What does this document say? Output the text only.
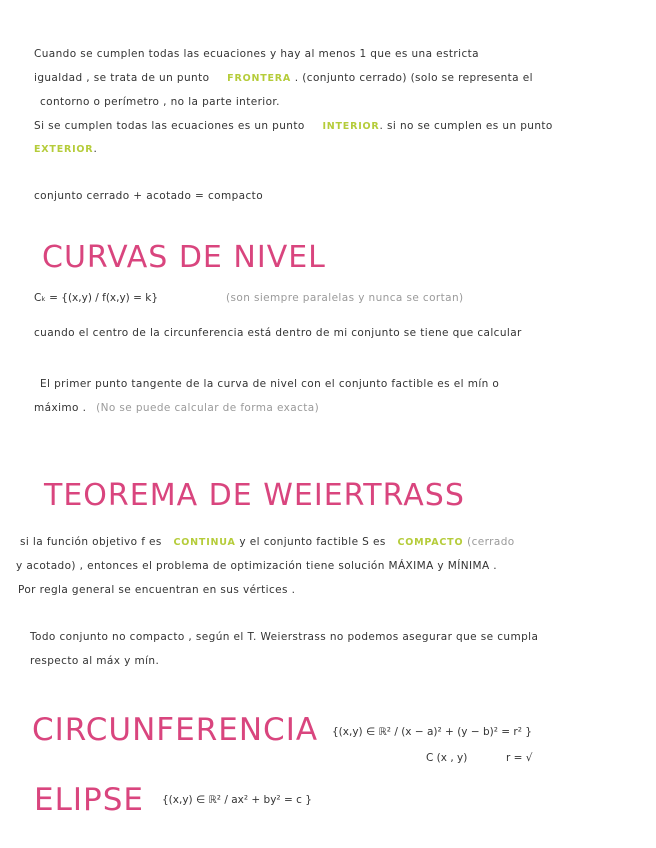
Cuando se cumplen todas las ecuaciones y hay al menos 1 que es una estricta

igualdad , se trata de un punto FRONTERA . (conjunto cerrado) (solo se representa el

contorno o perímetro , no la parte interior.

Si se cumplen todas las ecuaciones es un punto INTERIOR. si no se cumplen es un punto

EXTERIOR.

conjunto cerrado + acotado = compacto

CURVAS DE NIVEL

Cₖ = {(x,y) / f(x,y) = k}	(son siempre paralelas y nunca se cortan)

cuando el centro de la circunferencia está dentro de mi conjunto se tiene que calcular

El primer punto tangente de la curva de nivel con el conjunto factible es el mín o

máximo . (No se puede calcular de forma exacta)

TEOREMA DE WEIERTRASS

si la función objetivo f es CONTINUA y el conjunto factible S es COMPACTO (cerrado

y acotado) , entonces el problema de optimización tiene solución MÁXIMA y MÍNIMA .

Por regla general se encuentran en sus vértices .

Todo conjunto no compacto , según el T. Weierstrass no podemos asegurar que se cumpla

respecto al máx y mín.

CIRCUNFERENCIA {(x,y) ∈ ℝ² / (x − a)² + (y − b)² = r² }

C (x , y)	r = √

ELIPSE {(x,y) ∈ ℝ² / ax² + by² = c }
